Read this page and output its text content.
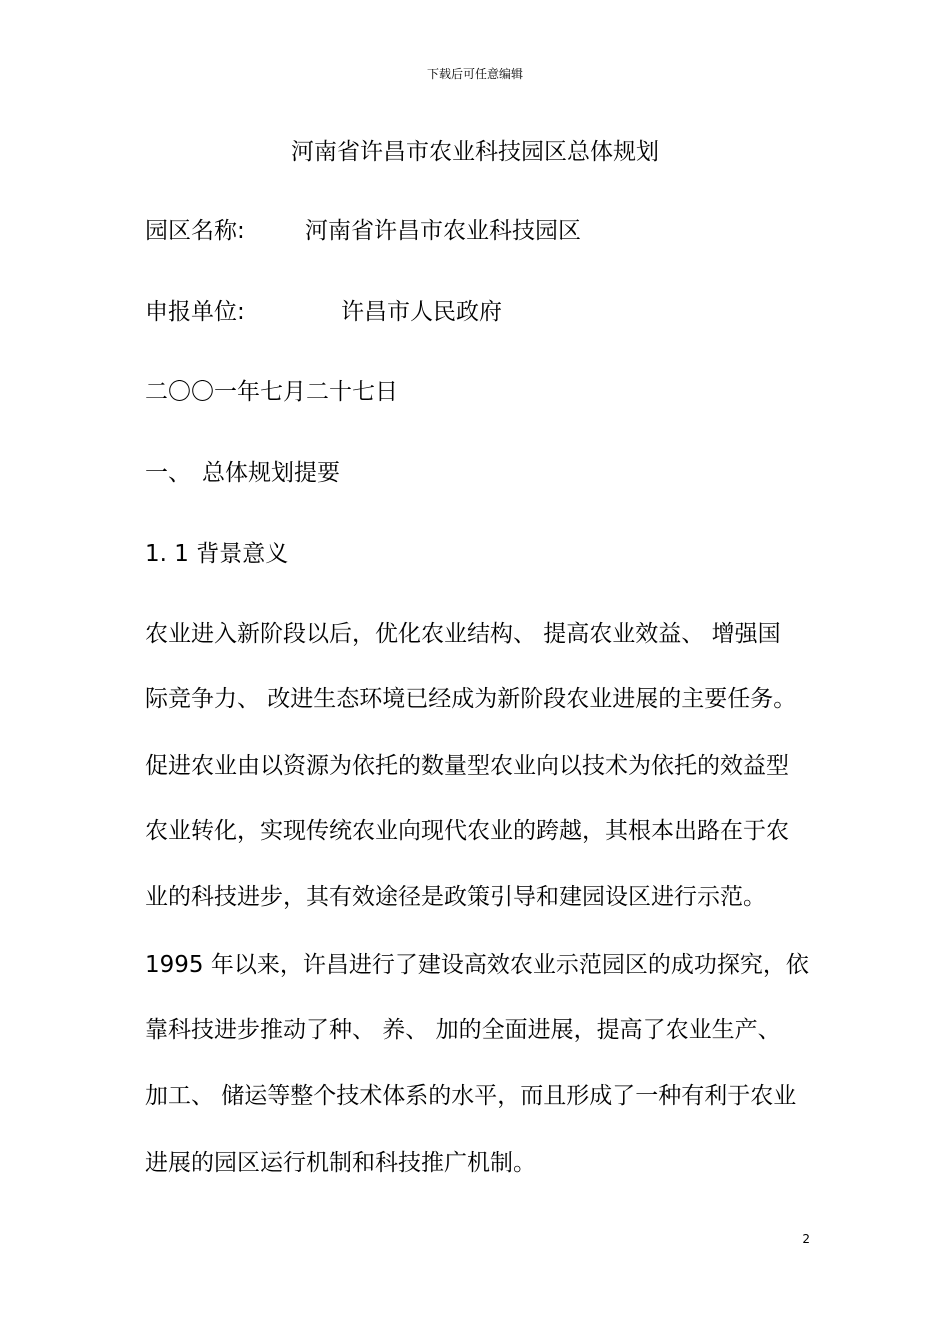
下载后可任意编辑
河南省许昌市农业科技园区总体规划
园区名称:	河南省许昌市农业科技园区
申报单位:	许昌市人民政府
二〇〇一年七月二十七日
一、 总体规划提要
1. 1 背景意义
农业进入新阶段以后，优化农业结构、 提高农业效益、 增强国
际竞争力、 改进生态环境已经成为新阶段农业进展的主要任务。
促进农业由以资源为依托的数量型农业向以技术为依托的效益型
农业转化，实现传统农业向现代农业的跨越，其根本出路在于农
业的科技进步，其有效途径是政策引导和建园设区进行示范。
1995 年以来，许昌进行了建设高效农业示范园区的成功探究，依
靠科技进步推动了种、 养、 加的全面进展，提高了农业生产、
加工、 储运等整个技术体系的水平，而且形成了一种有利于农业
进展的园区运行机制和科技推广机制。
2
